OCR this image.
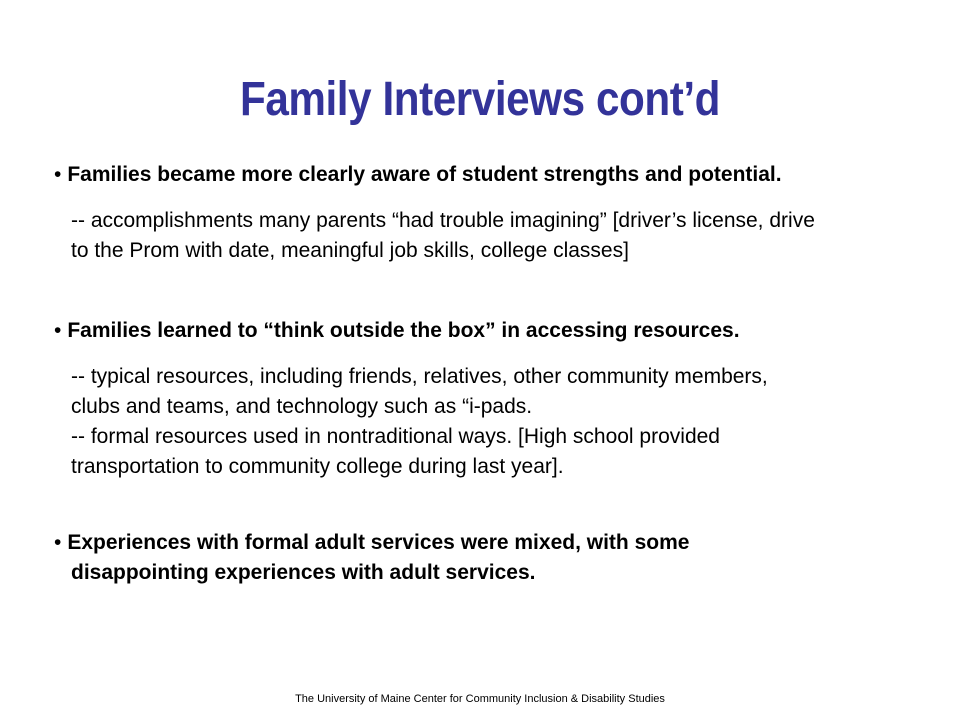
Family Interviews cont’d

• Families became more clearly aware of student strengths and potential.

-- accomplishments many parents “had trouble imagining” [driver’s license, drive
to the Prom with date, meaningful job skills, college classes]

• Families learned to “think outside the box” in accessing resources.

-- typical resources, including friends, relatives, other community members,
clubs and teams, and technology such as “i-pads.
-- formal resources used in nontraditional ways. [High school provided
transportation to community college during last year].

• Experiences with formal adult services were mixed, with some
disappointing experiences with adult services.

The University of Maine Center for Community Inclusion & Disability Studies
